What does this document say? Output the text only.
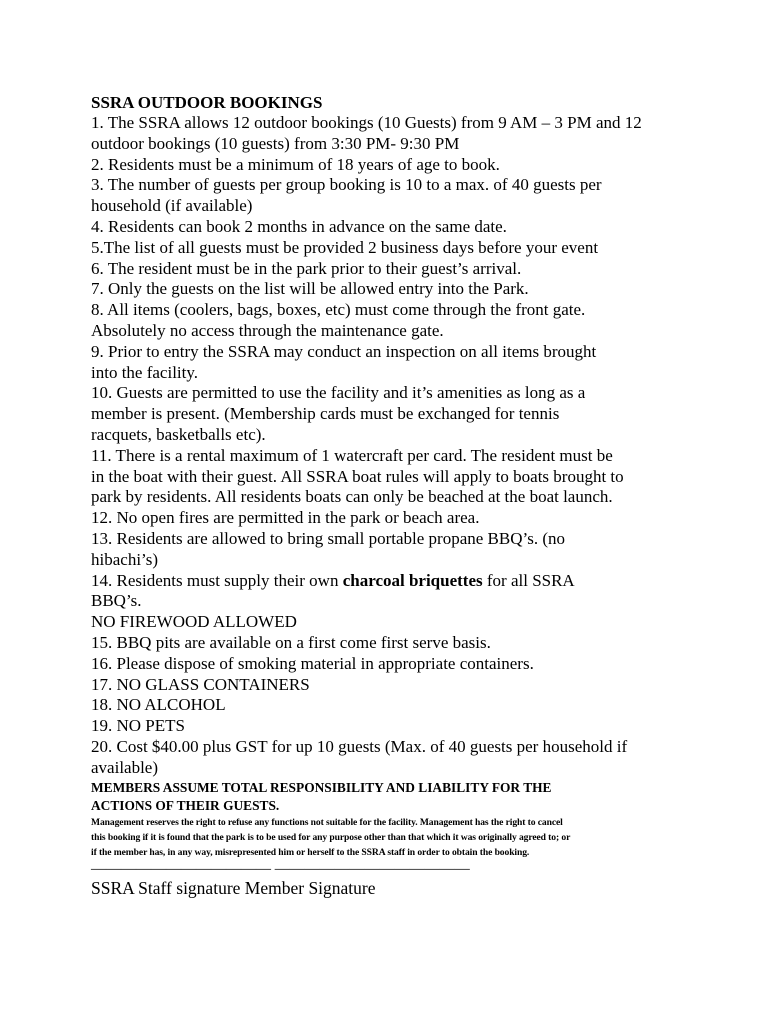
SSRA OUTDOOR BOOKINGS

1. The SSRA allows 12 outdoor bookings (10 Guests) from 9 AM – 3 PM and 12
outdoor bookings (10 guests) from 3:30 PM- 9:30 PM

2. Residents must be a minimum of 18 years of age to book.

3. The number of guests per group booking is 10 to a max. of 40 guests per
household (if available)

4. Residents can book 2 months in advance on the same date.

5.The list of all guests must be provided 2 business days before your event

6. The resident must be in the park prior to their guest’s arrival.

7. Only the guests on the list will be allowed entry into the Park.

8. All items (coolers, bags, boxes, etc) must come through the front gate.
Absolutely no access through the maintenance gate.

9. Prior to entry the SSRA may conduct an inspection on all items brought
into the facility.

10. Guests are permitted to use the facility and it’s amenities as long as a
member is present. (Membership cards must be exchanged for tennis
racquets, basketballs etc).

11. There is a rental maximum of 1 watercraft per card. The resident must be
in the boat with their guest. All SSRA boat rules will apply to boats brought to
park by residents. All residents boats can only be beached at the boat launch.

12. No open fires are permitted in the park or beach area.

13. Residents are allowed to bring small portable propane BBQ’s. (no
hibachi’s)

14. Residents must supply their own charcoal briquettes for all SSRA
BBQ’s.

NO FIREWOOD ALLOWED

15. BBQ pits are available on a first come first serve basis.

16. Please dispose of smoking material in appropriate containers.

17. NO GLASS CONTAINERS

18. NO ALCOHOL

19. NO PETS

20. Cost $40.00 plus GST for up 10 guests (Max. of 40 guests per household if
available)

MEMBERS ASSUME TOTAL RESPONSIBILITY AND LIABILITY FOR THE
ACTIONS OF THEIR GUESTS.

Management reserves the right to refuse any functions not suitable for the facility. Management has the right to cancel
this booking if it is found that the park is to be used for any purpose other than that which it was originally agreed to; or
if the member has, in any way, misrepresented him or herself to the SSRA staff in order to obtain the booking.

———————————— —————————————

SSRA Staff signature Member Signature
